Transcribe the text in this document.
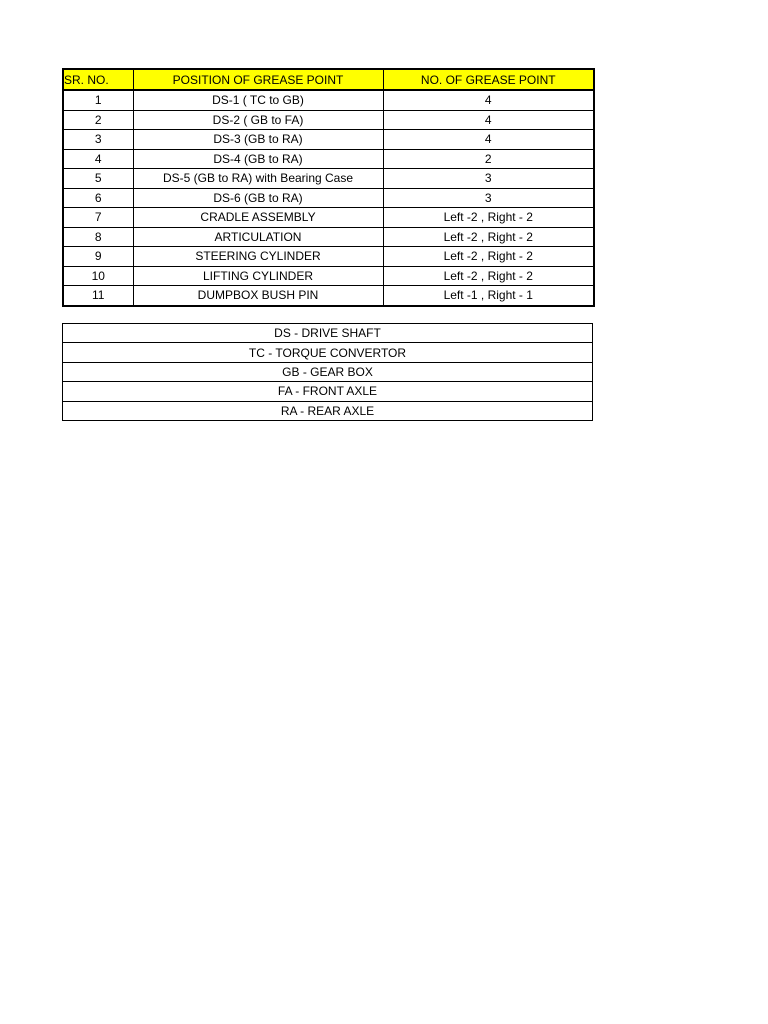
SR. NO.	POSITION OF GREASE POINT	NO. OF GREASE POINT
1	DS-1 ( TC to GB)	4
2	DS-2 ( GB to FA)	4
3	DS-3 (GB to RA)	4
4	DS-4 (GB to RA)	2
5	DS-5 (GB to RA) with Bearing Case	3
6	DS-6 (GB to RA)	3
7	CRADLE ASSEMBLY	Left -2 , Right - 2
8	ARTICULATION	Left -2 , Right - 2
9	STEERING CYLINDER	Left -2 , Right - 2
10	LIFTING CYLINDER	Left -2 , Right - 2
11	DUMPBOX BUSH PIN	Left -1 , Right - 1
DS - DRIVE SHAFT
TC - TORQUE CONVERTOR
GB - GEAR BOX
FA - FRONT AXLE
RA - REAR AXLE
